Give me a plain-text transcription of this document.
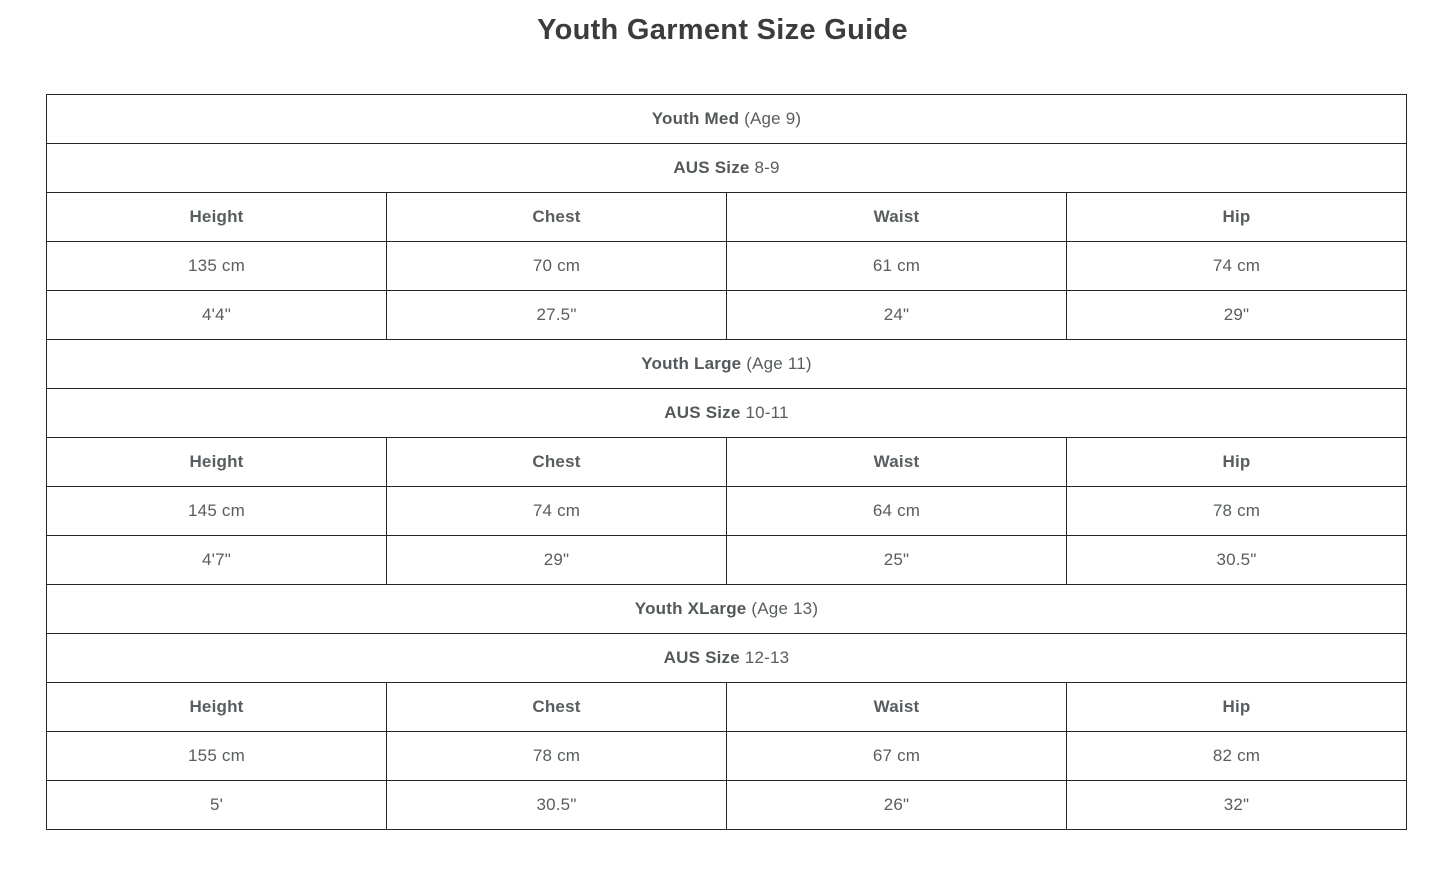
Youth Garment Size Guide
Youth Med (Age 9)			
AUS Size 8-9			
Height	Chest	Waist	Hip
135 cm	70 cm	61 cm	74 cm
4'4"	27.5"	24"	29"
Youth Large (Age 11)			
AUS Size 10-11			
Height	Chest	Waist	Hip
145 cm	74 cm	64 cm	78 cm
4'7"	29"	25"	30.5"
Youth XLarge (Age 13)			
AUS Size 12-13			
Height	Chest	Waist	Hip
155 cm	78 cm	67 cm	82 cm
5'	30.5"	26"	32"
